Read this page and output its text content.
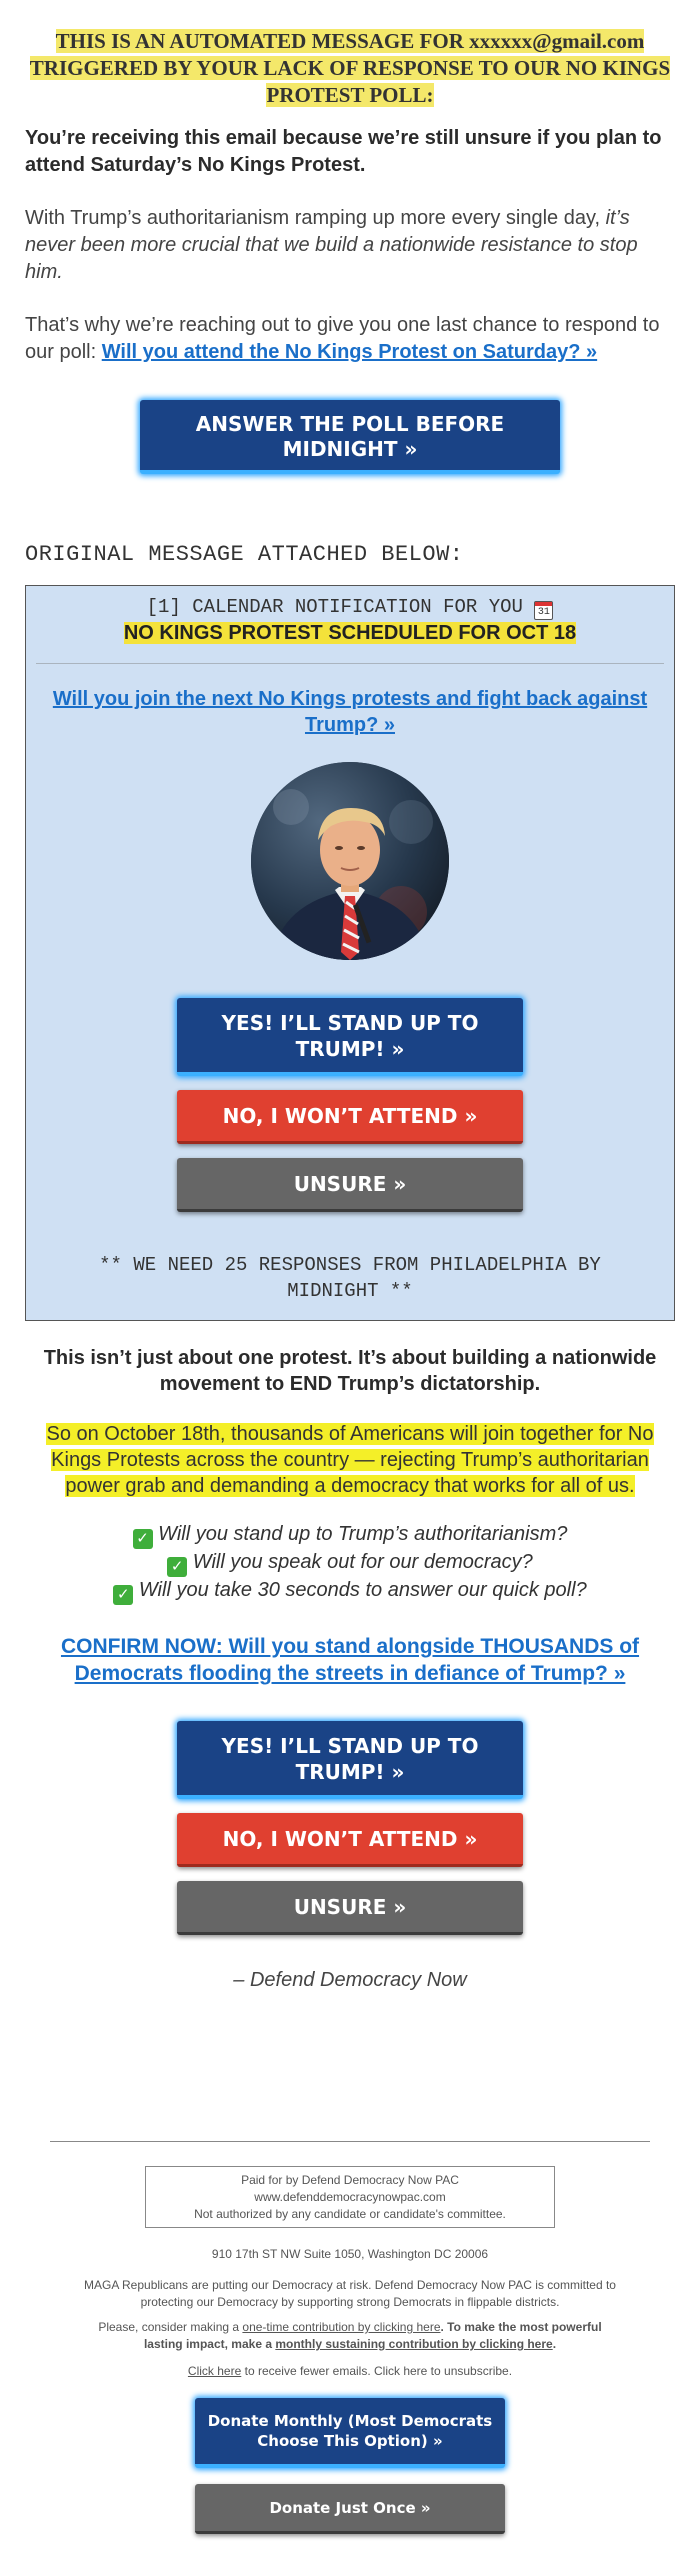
THIS IS AN AUTOMATED MESSAGE FOR xxxxxx@gmail.com
TRIGGERED BY YOUR LACK OF RESPONSE TO OUR NO KINGS
PROTEST POLL:

You’re receiving this email because we’re still unsure if you plan to attend Saturday’s No Kings Protest.

With Trump’s authoritarianism ramping up more every single day, it’s never been more crucial that we build a nationwide resistance to stop him.

That’s why we’re reaching out to give you one last chance to respond to our poll: Will you attend the No Kings Protest on Saturday? »

ANSWER THE POLL BEFORE MIDNIGHT »
ORIGINAL MESSAGE ATTACHED BELOW:
[1] CALENDAR NOTIFICATION FOR YOU 31
NO KINGS PROTEST SCHEDULED FOR OCT 18
Will you join the next No Kings protests and fight back against Trump? »
YES! I’LL STAND UP TO TRUMP! »
NO, I WON’T ATTEND »
UNSURE »
** WE NEED 25 RESPONSES FROM PHILADELPHIA BY MIDNIGHT **
This isn’t just about one protest. It’s about building a nationwide movement to END Trump’s dictatorship.
So on October 18th, thousands of Americans will join together for No Kings Protests across the country — rejecting Trump’s authoritarian power grab and demanding a democracy that works for all of us.
✓ Will you stand up to Trump’s authoritarianism?
✓ Will you speak out for our democracy?
✓ Will you take 30 seconds to answer our quick poll?
CONFIRM NOW: Will you stand alongside THOUSANDS of Democrats flooding the streets in defiance of Trump? »
YES! I’LL STAND UP TO TRUMP! »
NO, I WON’T ATTEND »
UNSURE »
– Defend Democracy Now
Paid for by Defend Democracy Now PAC
www.defenddemocracynowpac.com
Not authorized by any candidate or candidate's committee.
910 17th ST NW Suite 1050, Washington DC 20006
MAGA Republicans are putting our Democracy at risk. Defend Democracy Now PAC is committed to protecting our Democracy by supporting strong Democrats in flippable districts.
Please, consider making a one-time contribution by clicking here. To make the most powerful lasting impact, make a monthly sustaining contribution by clicking here.
Click here to receive fewer emails. Click here to unsubscribe.
Donate Monthly (Most Democrats Choose This Option) »
Donate Just Once »
